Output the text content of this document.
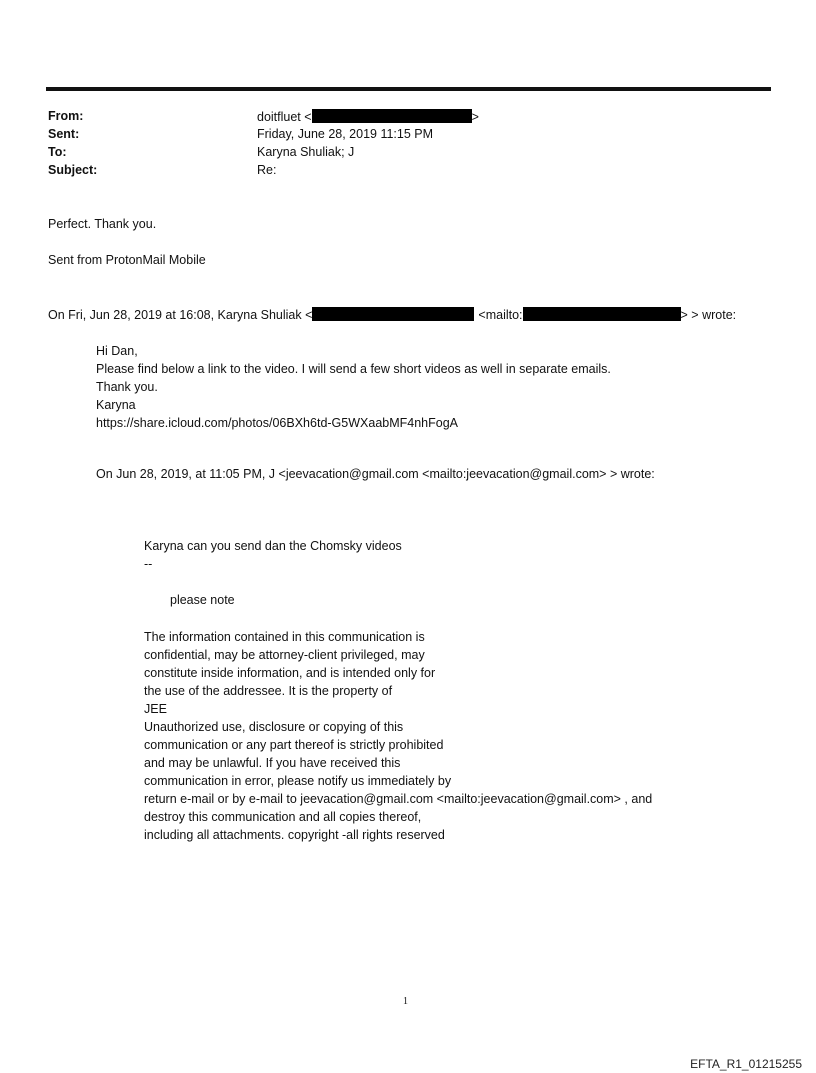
From:	doitfluet <	>
Sent:	Friday, June 28, 2019 11:15 PM
To:	Karyna Shuliak; J
Subject:	Re:
Perfect. Thank you.
Sent from ProtonMail Mobile
On Fri, Jun 28, 2019 at 16:08, Karyna Shuliak <	<mailto:	> > wrote:
Hi Dan,
Please find below a link to the video. I will send a few short videos as well in separate emails.
Thank you.
Karyna
https://share.icloud.com/photos/06BXh6td-G5WXaabMF4nhFogA
On Jun 28, 2019, at 11:05 PM, J <jeevacation@gmail.com <mailto:jeevacation@gmail.com> > wrote:
Karyna can you send dan the Chomsky videos
--
please note
The information contained in this communication is
confidential, may be attorney-client privileged, may
constitute inside information, and is intended only for
the use of the addressee. It is the property of
JEE
Unauthorized use, disclosure or copying of this
communication or any part thereof is strictly prohibited
and may be unlawful. If you have received this
communication in error, please notify us immediately by
return e-mail or by e-mail to jeevacation@gmail.com <mailto:jeevacation@gmail.com> , and
destroy this communication and all copies thereof,
including all attachments. copyright -all rights reserved
1
EFTA_R1_01215255
